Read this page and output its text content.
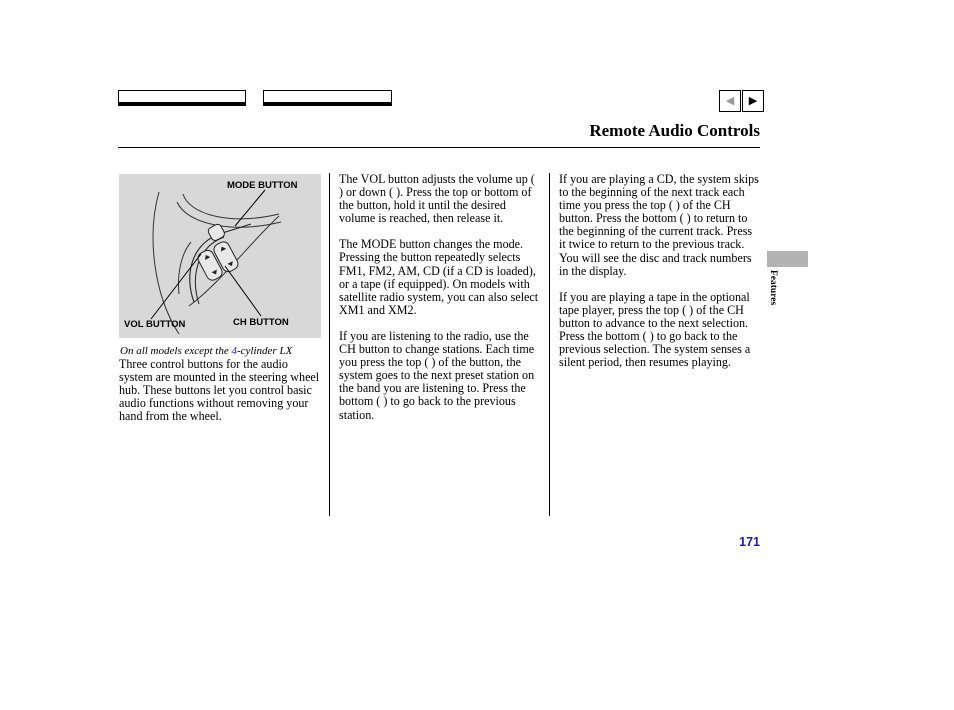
◀	▶
Remote Audio Controls
MODE BUTTON
VOL BUTTON	CH BUTTON
On all models except the 4-cylinder LX

Three control buttons for the audio system are mounted in the steering wheel hub. These buttons let you control basic audio functions without removing your hand from the wheel.

The VOL button adjusts the volume up ( ) or down ( ). Press the top or bottom of the button, hold it until the desired volume is reached, then release it.

The MODE button changes the mode. Pressing the button repeatedly selects FM1, FM2, AM, CD (if a CD is loaded), or a tape (if equipped). On models with satellite radio system, you can also select XM1 and XM2.

If you are listening to the radio, use the CH button to change stations. Each time you press the top ( ) of the button, the system goes to the next preset station on the band you are listening to. Press the bottom ( ) to go back to the previous station.

If you are playing a CD, the system skips to the beginning of the next track each time you press the top ( ) of the CH button. Press the bottom ( ) to return to the beginning of the current track. Press it twice to return to the previous track. You will see the disc and track numbers in the display.

If you are playing a tape in the optional tape player, press the top ( ) of the CH button to advance to the next selection. Press the bottom ( ) to go back to the previous selection. The system senses a silent period, then resumes playing.

Features
171
